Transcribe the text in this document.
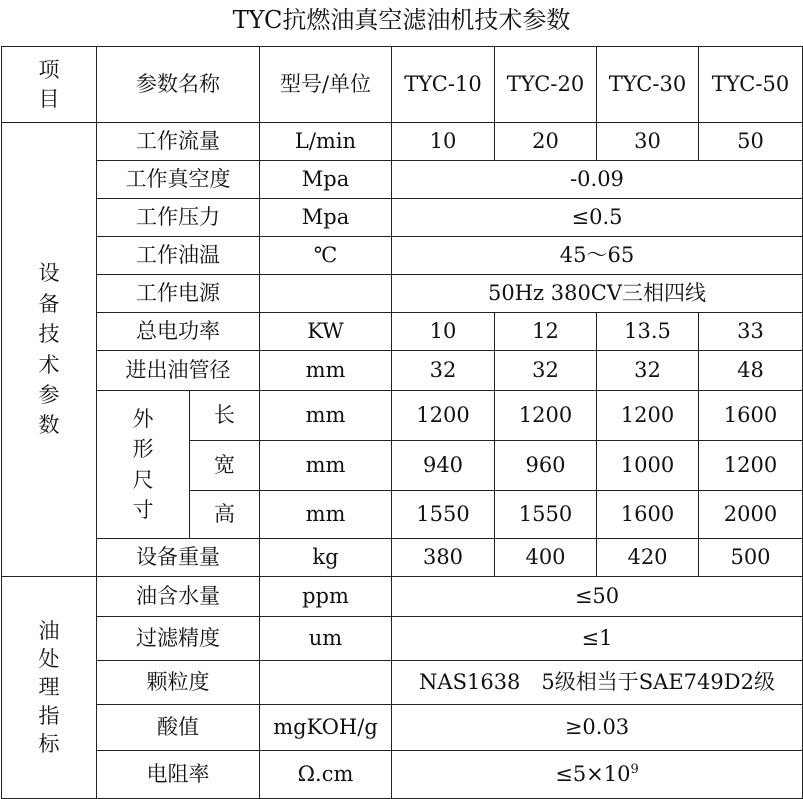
TYC抗燃油真空滤油机技术参数
项目	参数名称		型号/单位	TYC-10	TYC-20	TYC-30	TYC-50

设备技术参数	工作流量		L/min	10	20	30	50
	工作真空度		Mpa	-0.09			
	工作压力		Mpa	≤0.5			
	工作油温		℃	45～65			
	工作电源			50Hz 380CV三相四线			
	总电功率		KW	10	12	13.5	33
	进出油管径		mm	32	32	32	48

	外形尺寸	长	mm	1200	1200	1200	1600
		宽	mm	940	960	1000	1200
		高	mm	1550	1550	1600	2000
	设备重量		kg	380	400	420	500

油处理指标	油含水量		ppm	≤50			
	过滤精度		um	≤1			
	颗粒度			NAS1638　5级相当于SAE749D2级			
	酸值		mgKOH/g	≥0.03			
	电阻率		Ω.cm	$\le 5\times 10^9$
